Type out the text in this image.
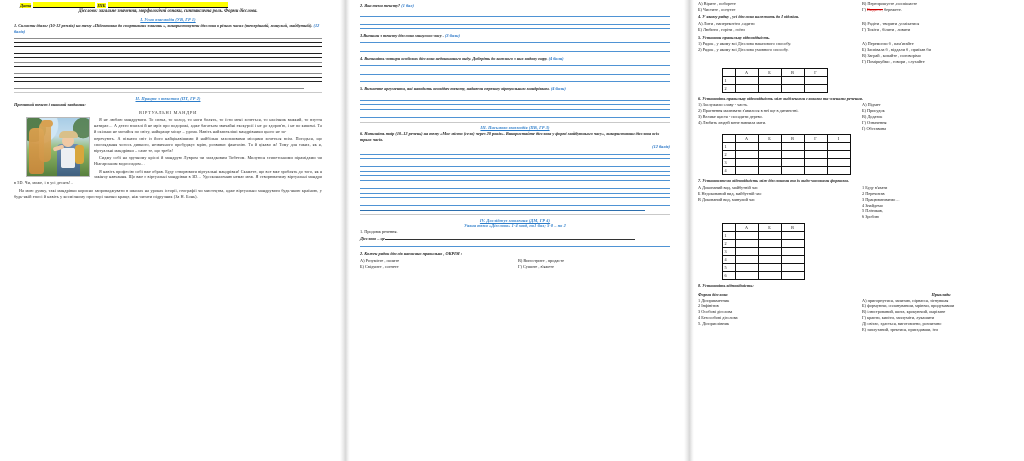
Дата	ПІБ
Дієслово: загальне значення, морфологічні ознаки, синтаксична роль. Форми дієслова.
I. Усно взаємодія (УВ, ГР 1)
1. Скласти діалог (10-12 реплік) на тему «Підготовка до спортивних змагань », використовуючи дієслова в різних часах (теперішній, минулий, майбутній). (12 балів)
II. Працює з текстом (ПТ, ГР 2)
Прочитай текст і виконай завдання:
ВІРТУАЛЬНІ МАНДРИ
Я не люблю мандрувати. То спека, то холод, то ноги болять, то їсти мені хочеться, то насічник важкий, то взуття натирає… А дехто взагалі й не мріє про подорожі, адже багатьом звичайні екскурсії і не до здоров'ю, і не по кишені. Та й скільки не мотайся по світу, найкраще місце – удома. Навіть найзапекліші мандрівники цього не за-
перечують. А пізнати світ із його найцікавішими й найбільш захопливими місцями хочеться всім. Погодься, що споглядання чогось дивного, незвичного пробуджує мрію, розвиває фантазію. Та й цікаво ж! Тому для таких, як я, віртуальні мандрівки – саме те, що треба!
Сиджу собі на зручному кріслі й мандрую Лувром чи загадковим Тибетом. Милуюся єгипетськими пірамідами чи Ніагарським водоспадом…
Я навіть професію собі вже обрав. Буду створювати віртуальні мандрівки! Скажете, що все вже зроблять до того, як я закінчу навчання. Що вже є віртуальні мандрівки в 3D… Удосконаленню немає меж. Я створюватиму віртуальні мандри в 5D. Чи, може, і в усі десять!..
На мою думку, такі мандрівки корисно запроваджувати в школах на уроках історії, географії чи мистецтва, адже віртуально мандрувати будь-якою країною, у будь-якій епосі й навіть у космічному просторі значно краще, ніж читати підручник (За Н. Бонь).
2. Яка тема тексту? (1 бал)
3.Випиши з тексту дієслова минулого часу . (3 бали)
4. Випишіть чотири особових дієслова недоконаного виду. Доберіть до кожного з них видову пару. (4 бали)
5. Визначте аргументи, які наводить оповідач тексту, надаючи перевагу віртуальним мандрівкам. (4 бали)
III. Письмово взаємодія (ПВ, ГР 3)
6. Напишіть твір (10–12 речень) на тему «Моє місто (село) через 20 років». Використайте дієслова у формі майбутнього часу», використавши дієслова всіх трьох часів.
(12 балів)
IV. Досліджує мовлення (ДМ, ГР 4)
Уявна тема «Дієслово» 1-4 завд, по1 бал; 5-8 – по 2
1. Продовж речення.
Дієслово – це
2. Кожен рядок дієслів написано правильно , ОКРІМ :
А) Розумієте , полите
Б) Свідчите , согнете
В) Вигострите , продасте
Г) Сушите , в'яжете
А) Вірите , поборете
Б) Чистите , оснуєте
В) Перепрошуєте ,поспішаєте
Г) Кидаєте, бережете.
4. У якому рядку , усі дієслова належать до І відміни.
А) Лити , наперекотіти ,садити
Б) Любити , горіти , гоїти
В) Радіти , творити ,усміхатися
Г) Токіти , білити , ловити
5. Установи правильну відповідність.
1) Рядок , у якому всі Дієслова наказового способу.
2) Рядок , у якому всі Дієслова умовного способу.
А) Перемогли б , пам'ятайте
Б) Заспівала б , віддали б , приїхав би
В) Заграй , копайте , поговорімо
Г) Поміркуймо , говори , слухайте
	А	Б	В	Г
1				
2				
6. Установіть правильну відповідність між виділеними словами та членами речення.
1) Заслужили славу - часть.
2) Прагнення малювати з'явилося в неї ще в дитинстві.
3) Велике щастя - посадити дерево.
4) Любить людей мене навчила мати.
А) Підмет
Б) Присудок
В) Додаток
Г) Означення
Ґ) Обставина
	А	Б	В	Г	І
1					
2					
3					
4					
7. Установлюємо відповідність між дієсловами та їх видо-часовими формами.
А Доконаний вид, майбутній час
Б Недоконаний вид, майбутній час
В Доконаний вид, минулий час
1 Буду в'язати
2 Перечитав
3 Працюватимемо…
4 Знайдемо
5 Плітикав,
6 Зроблю
	А	Б	В
1			
2			
3			
4			
5			
6			
8. Установіть відповідність:
Форми дієслова
1 Дієприкметник
2 Інфінітив
3 Особові дієслова
4 Безособові дієслова
5. Дієприслівник
Приклади
А) пригорнутися, запитаю, пірнаєся, зігнувшая
Б) формуючи, сплануванши, мріючи, придумавши
В) ілюстрований, шита, крокуючий, оырізане
Г) крапти, кипіти, заплуміти, лукашити
Д) світає, здається, виготовлено, розпитано
Е) заплутаний, зректися, пригадавши, іти
